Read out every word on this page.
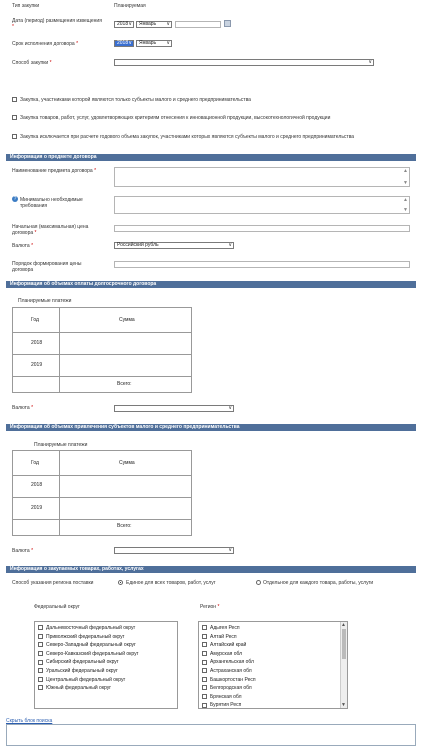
Тип закупки	Планируемая
Дата (период) размещения извещения *	2018 ∨	Январь
∨
Срок исполнения договора *	2018 ∨	Январь
∨
Способ закупки *
∨
Закупка, участниками которой являются только субъекты малого и среднего предпринимательства
Закупка товаров, работ, услуг, удовлетворяющих критериям отнесения к инновационной продукции, высокотехнологичной продукции
Закупка исключается при расчете годового объема закупок, участниками которых являются субъекты малого и среднего предпринимательства
Информация о предмете договора
Наименование предмета договора *	▲
▼
? Минимально необходимые требования
▲
▼
Начальная (максимальная) цена договора *
Валюта *	Российский рубль
∨
Порядок формирования цены договора
Информация об объемах оплаты долгосрочного договора
Планируемые платежи
Год	Сумма
2018
2019
Всего:
Валюта *
∨
Информация об объемах привлечения субъектов малого и среднего предпринимательства
Планируемые платежи
Год	Сумма
2018
2019
Всего:
Валюта *
∨
Информация о закупаемых товарах, работах, услугах
Способ указания региона поставки	Единое для всех товаров, работ, услуг	Отдельное для каждого товара, работы, услуги
Федеральный округ	Регион *
Дальневосточный федеральный округ
Приволжский федеральный округ
Северо-Западный федеральный округ
Северо-Кавказский федеральный округ
Сибирский федеральный округ
Уральский федеральный округ
Центральный федеральный округ
Южный федеральный округ
Адыгея Респ
Алтай Респ
Алтайский край
Амурская обл
Архангельская обл
Астраханская обл
Башкортостан Респ
Белгородская обл
Брянская обл
Бурятия Респ
▲
▼
Скрыть блок поиска
